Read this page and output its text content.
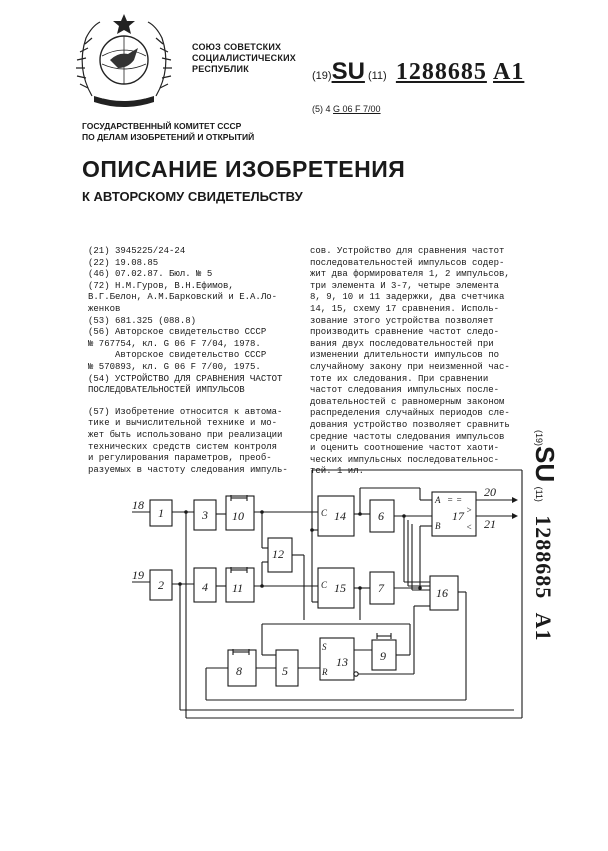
СОЮЗ СОВЕТСКИХ
СОЦИАЛИСТИЧЕСКИХ
РЕСПУБЛИК
(19)SU (11) 1288685 A1
(5) 4 G 06 F 7/00
ГОСУДАРСТВЕННЫЙ КОМИТЕТ СССР
ПО ДЕЛАМ ИЗОБРЕТЕНИЙ И ОТКРЫТИЙ
ОПИСАНИЕ ИЗОБРЕТЕНИЯ
К АВТОРСКОМУ СВИДЕТЕЛЬСТВУ
(21) 3945225/24-24
(22) 19.08.85
(46) 07.02.87. Бюл. № 5
(72) Н.М.Гуров, В.Н.Ефимов,
В.Г.Белон, А.М.Барковский и Е.А.Ло-
женков
(53) 681.325 (088.8)
(56) Авторское свидетельство СССР
№ 767754, кл. G 06 F 7/04, 1978.
Авторское свидетельство СССР
№ 570893, кл. G 06 F 7/00, 1975.
(54) УСТРОЙСТВО ДЛЯ СРАВНЕНИЯ ЧАСТОТ
ПОСЛЕДОВАТЕЛЬНОСТЕЙ ИМПУЛЬСОВ
(57) Изобретение относится к автома-
тике и вычислительной технике и мо-
жет быть использовано при реализации
технических средств систем контроля
и регулирования параметров, преоб-
разуемых в частоту следования импуль-
сов. Устройство для сравнения частот
последовательностей импульсов содер-
жит два формирователя 1, 2 импульсов,
три элемента И 3-7, четыре элемента
8, 9, 10 и 11 задержки, два счетчика
14, 15, схему 17 сравнения. Исполь-
зование этого устройства позволяет
производить сравнение частот следо-
вания двух последовательностей при
изменении длительности импульсов по
случайному закону при неизменной час-
тоте их следования. При сравнении
частот следования импульсных после-
довательностей с равномерным законом
распределения случайных периодов сле-
дования устройство позволяет сравнить
средние частоты следования импульсов
и оценить соотношение частот хаоти-
ческих импульсных последовательнос-
тей. 1 ил.
(19)SU (11)   1288685   A1
1
2
3
4
10
11
12
14
15
6
7	16
17
8	5
13	9
18
19
20
21
C
C
S
R
A
B
= =
>
<
